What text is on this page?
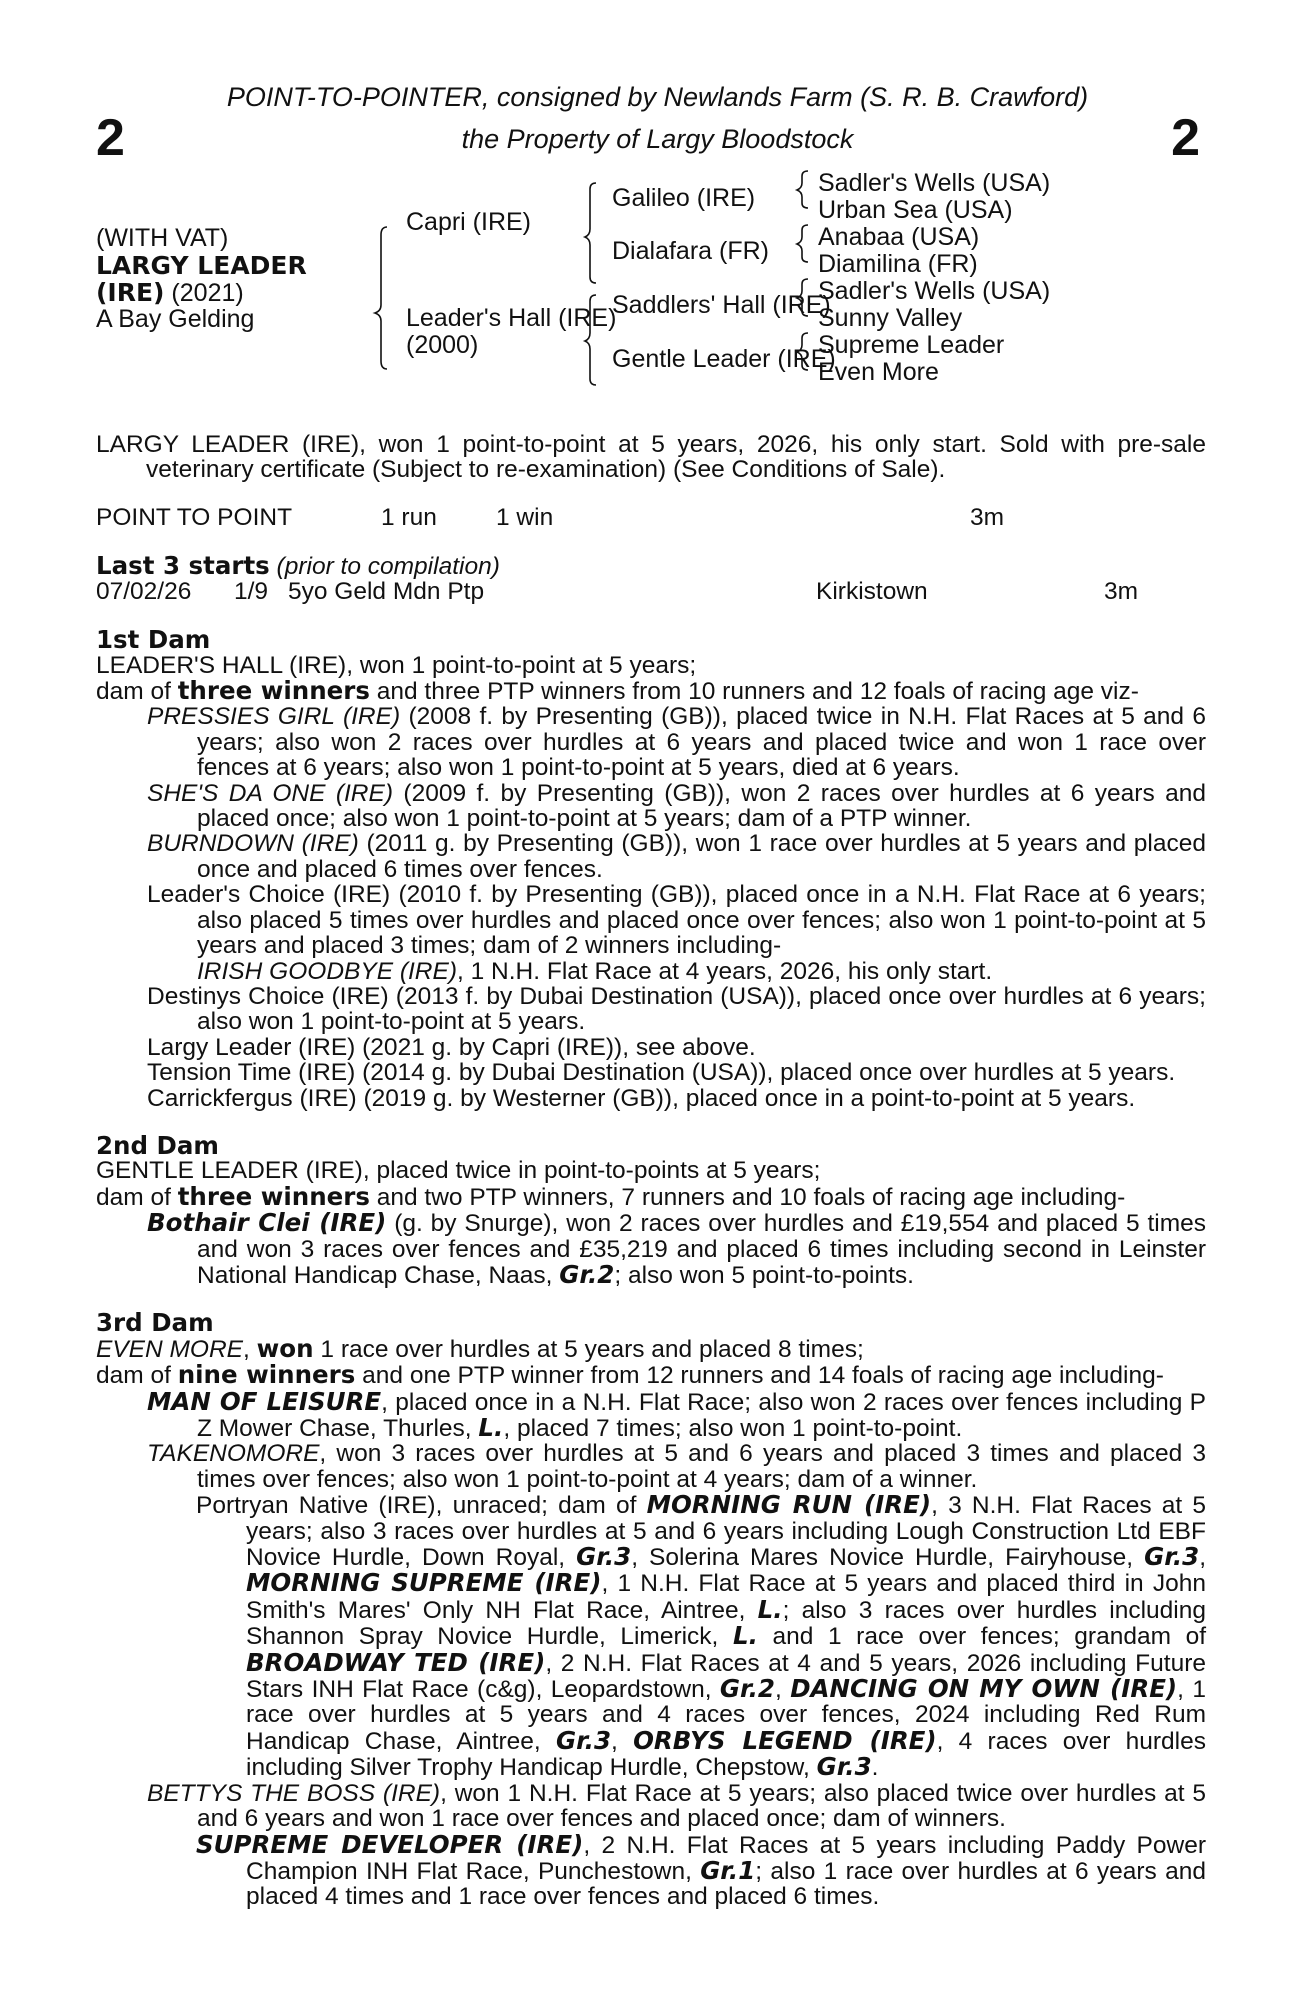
2	2
POINT-TO-POINTER, consigned by Newlands Farm (S. R. B. Crawford)
the Property of Largy Bloodstock
(WITH VAT)
LARGY LEADER
(IRE) (2021)
A Bay Gelding
Capri (IRE)
Leader's Hall (IRE)
(2000)
Galileo (IRE)
Dialafara (FR)
Saddlers' Hall (IRE)
Gentle Leader (IRE)
Sadler's Wells (USA)
Urban Sea (USA)
Anabaa (USA)
Diamilina (FR)
Sadler's Wells (USA)
Sunny Valley
Supreme Leader
Even More

LARGY LEADER (IRE), won 1 point-to-point at 5 years, 2026, his only start. Sold with pre-sale veterinary certificate (Subject to re-examination) (See Conditions of Sale).

POINT TO POINT	1 run 1 win	3m

Last 3 starts (prior to compilation)

07/02/26 1/9 5yo Geld Mdn Ptp	Kirkistown	3m

1st Dam

LEADER'S HALL (IRE), won 1 point-to-point at 5 years;

dam of three winners and three PTP winners from 10 runners and 12 foals of racing age viz-

PRESSIES GIRL (IRE) (2008 f. by Presenting (GB)), placed twice in N.H. Flat Races at 5 and 6 years; also won 2 races over hurdles at 6 years and placed twice and won 1 race over fences at 6 years; also won 1 point-to-point at 5 years, died at 6 years.

SHE'S DA ONE (IRE) (2009 f. by Presenting (GB)), won 2 races over hurdles at 6 years and placed once; also won 1 point-to-point at 5 years; dam of a PTP winner.

BURNDOWN (IRE) (2011 g. by Presenting (GB)), won 1 race over hurdles at 5 years and placed once and placed 6 times over fences.

Leader's Choice (IRE) (2010 f. by Presenting (GB)), placed once in a N.H. Flat Race at 6 years; also placed 5 times over hurdles and placed once over fences; also won 1 point-to-point at 5 years and placed 3 times; dam of 2 winners including-

IRISH GOODBYE (IRE), 1 N.H. Flat Race at 4 years, 2026, his only start.

Destinys Choice (IRE) (2013 f. by Dubai Destination (USA)), placed once over hurdles at 6 years; also won 1 point-to-point at 5 years.

Largy Leader (IRE) (2021 g. by Capri (IRE)), see above.

Tension Time (IRE) (2014 g. by Dubai Destination (USA)), placed once over hurdles at 5 years.

Carrickfergus (IRE) (2019 g. by Westerner (GB)), placed once in a point-to-point at 5 years.

2nd Dam

GENTLE LEADER (IRE), placed twice in point-to-points at 5 years;

dam of three winners and two PTP winners, 7 runners and 10 foals of racing age including-

Bothair Clei (IRE) (g. by Snurge), won 2 races over hurdles and £19,554 and placed 5 times and won 3 races over fences and £35,219 and placed 6 times including second in Leinster National Handicap Chase, Naas, Gr.2; also won 5 point-to-points.

3rd Dam

EVEN MORE, won 1 race over hurdles at 5 years and placed 8 times;

dam of nine winners and one PTP winner from 12 runners and 14 foals of racing age including-

MAN OF LEISURE, placed once in a N.H. Flat Race; also won 2 races over fences including P Z Mower Chase, Thurles, L., placed 7 times; also won 1 point-to-point.

TAKENOMORE, won 3 races over hurdles at 5 and 6 years and placed 3 times and placed 3 times over fences; also won 1 point-to-point at 4 years; dam of a winner.

Portryan Native (IRE), unraced; dam of MORNING RUN (IRE), 3 N.H. Flat Races at 5 years; also 3 races over hurdles at 5 and 6 years including Lough Construction Ltd EBF Novice Hurdle, Down Royal, Gr.3, Solerina Mares Novice Hurdle, Fairyhouse, Gr.3, MORNING SUPREME (IRE), 1 N.H. Flat Race at 5 years and placed third in John Smith's Mares' Only NH Flat Race, Aintree, L.; also 3 races over hurdles including Shannon Spray Novice Hurdle, Limerick, L. and 1 race over fences; grandam of BROADWAY TED (IRE), 2 N.H. Flat Races at 4 and 5 years, 2026 including Future Stars INH Flat Race (c&g), Leopardstown, Gr.2, DANCING ON MY OWN (IRE), 1 race over hurdles at 5 years and 4 races over fences, 2024 including Red Rum Handicap Chase, Aintree, Gr.3, ORBYS LEGEND (IRE), 4 races over hurdles including Silver Trophy Handicap Hurdle, Chepstow, Gr.3.

BETTYS THE BOSS (IRE), won 1 N.H. Flat Race at 5 years; also placed twice over hurdles at 5 and 6 years and won 1 race over fences and placed once; dam of winners.

SUPREME DEVELOPER (IRE), 2 N.H. Flat Races at 5 years including Paddy Power Champion INH Flat Race, Punchestown, Gr.1; also 1 race over hurdles at 6 years and placed 4 times and 1 race over fences and placed 6 times.
